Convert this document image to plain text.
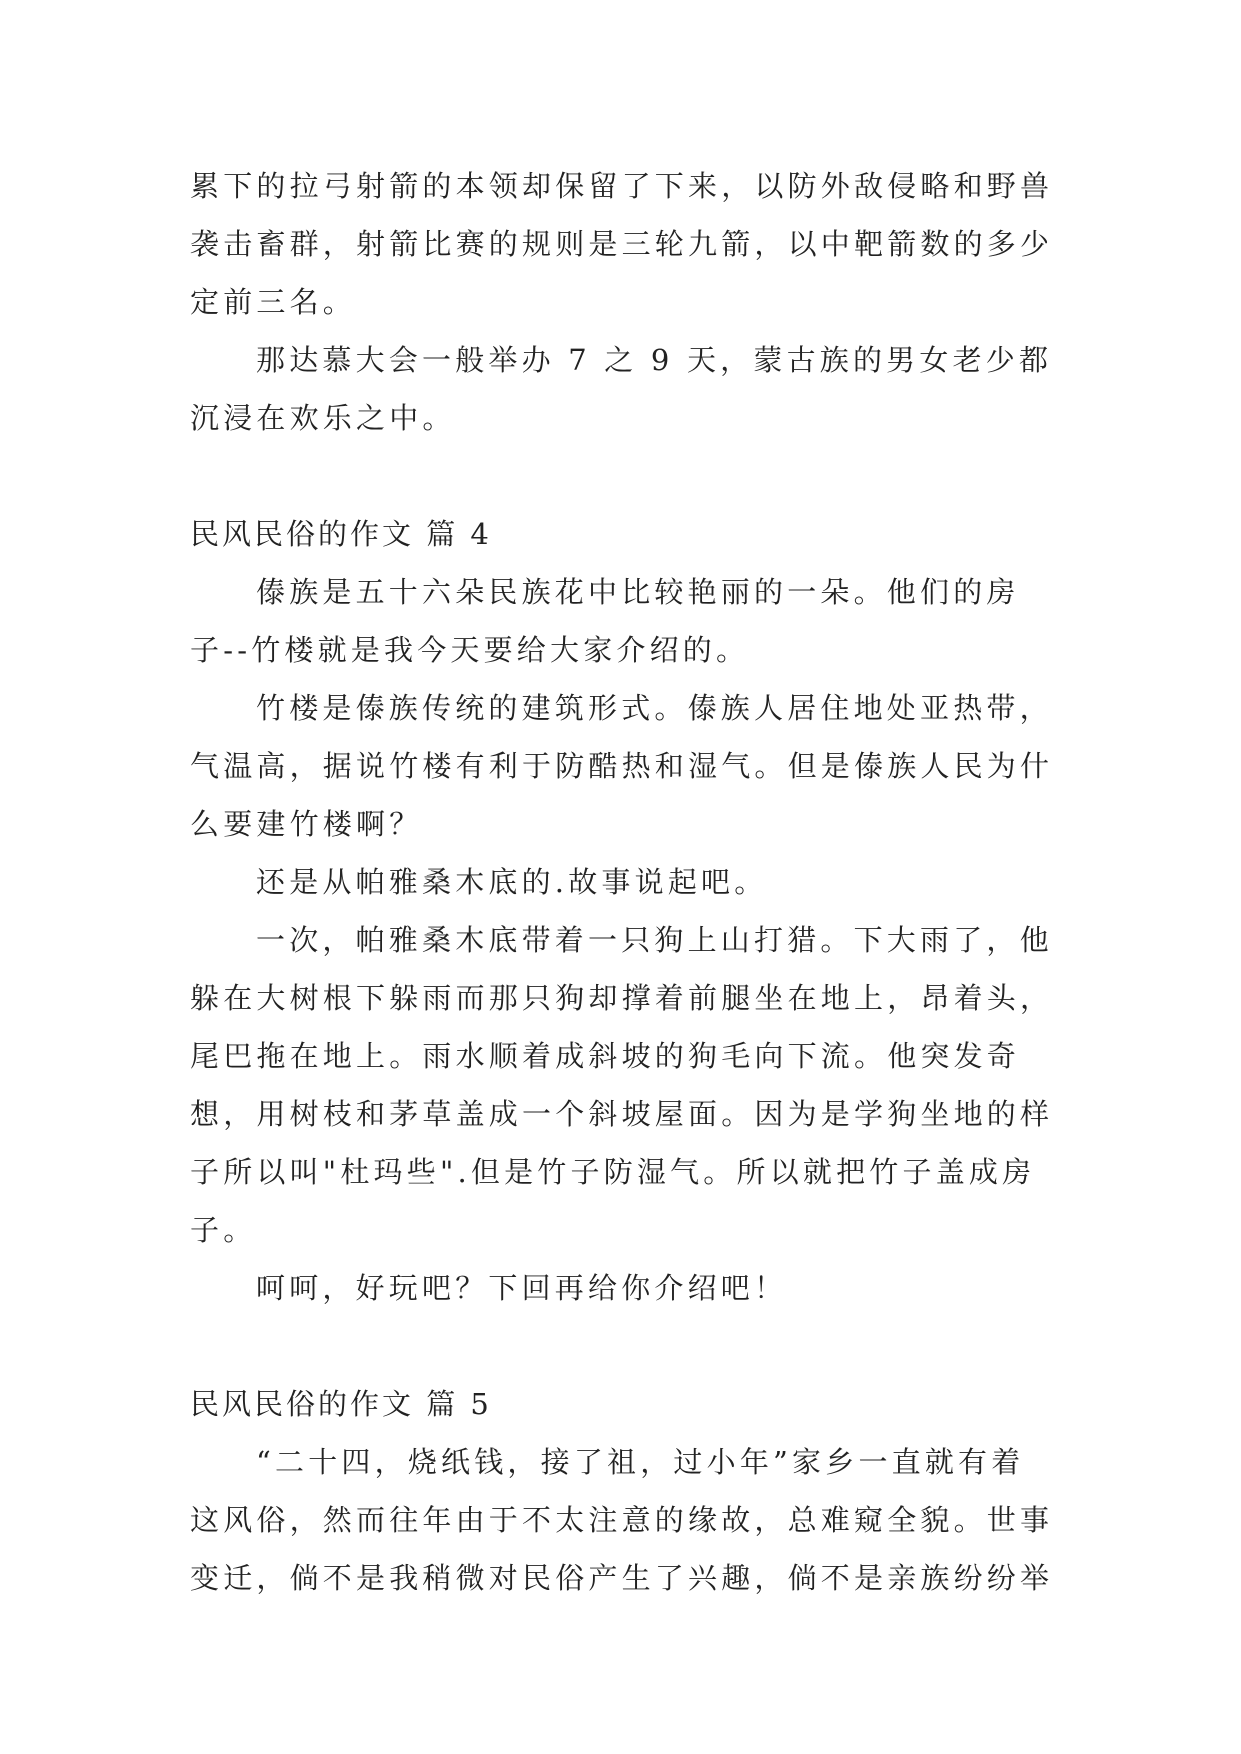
累下的拉弓射箭的本领却保留了下来，以防外敌侵略和野兽袭击畜群，射箭比赛的规则是三轮九箭，以中靶箭数的多少定前三名。

那达慕大会一般举办 7 之 9 天，蒙古族的男女老少都沉浸在欢乐之中。

民风民俗的作文 篇 4

傣族是五十六朵民族花中比较艳丽的一朵。他们的房子--竹楼就是我今天要给大家介绍的。

竹楼是傣族传统的建筑形式。傣族人居住地处亚热带，气温高，据说竹楼有利于防酷热和湿气。但是傣族人民为什么要建竹楼啊？

还是从帕雅桑木底的.故事说起吧。

一次，帕雅桑木底带着一只狗上山打猎。下大雨了，他躲在大树根下躲雨而那只狗却撑着前腿坐在地上，昂着头，尾巴拖在地上。雨水顺着成斜坡的狗毛向下流。他突发奇想，用树枝和茅草盖成一个斜坡屋面。因为是学狗坐地的样子所以叫"杜玛些".但是竹子防湿气。所以就把竹子盖成房子。

呵呵，好玩吧？下回再给你介绍吧！

民风民俗的作文 篇 5

“二十四，烧纸钱，接了祖，过小年”家乡一直就有着这风俗，然而往年由于不太注意的缘故，总难窥全貌。世事变迁，倘不是我稍微对民俗产生了兴趣，倘不是亲族纷纷举
